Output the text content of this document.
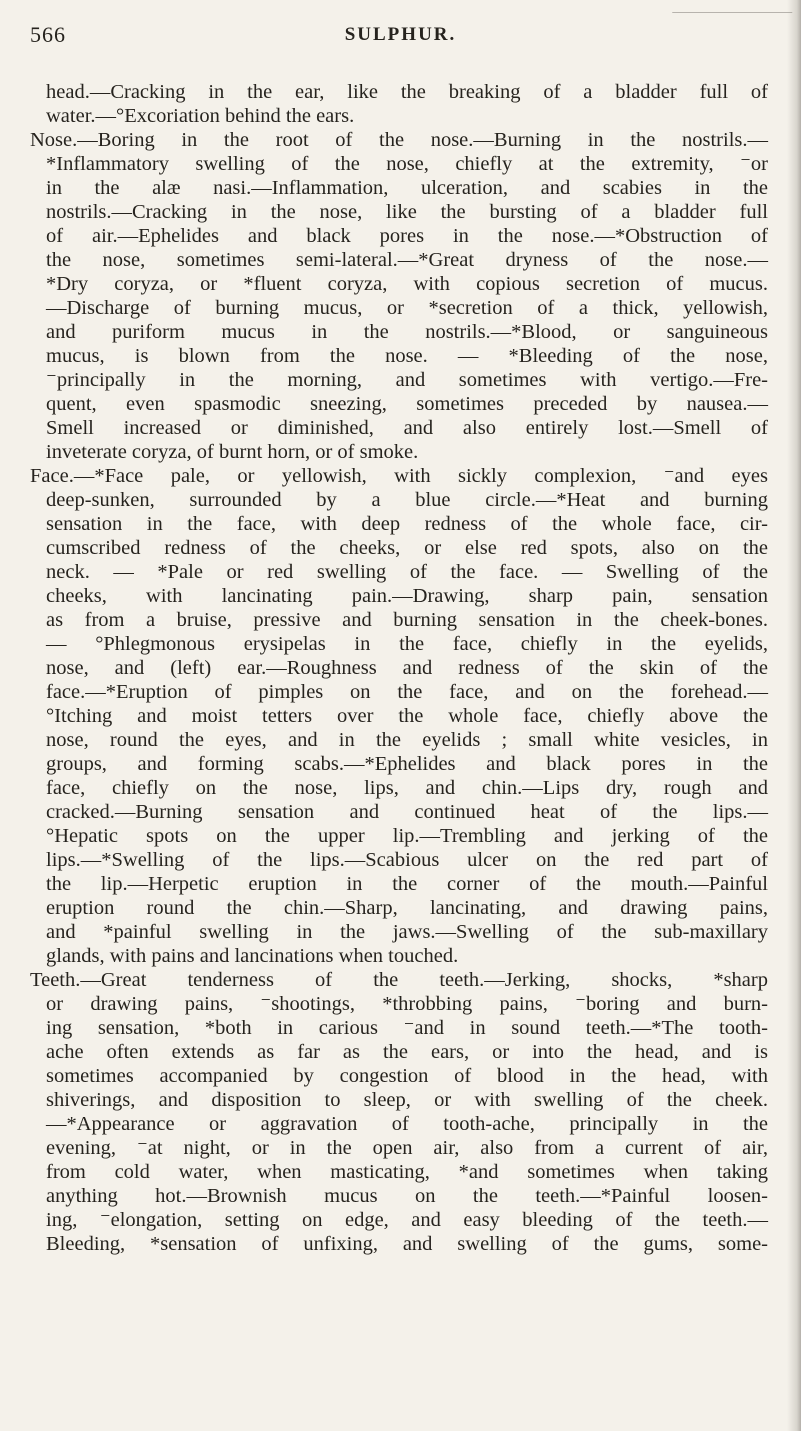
566	SULPHUR.
head.—Cracking in the ear, like the breaking of a bladder full of
water.—°Excoriation behind the ears.
Nose.—Boring in the root of the nose.—Burning in the nostrils.—
*Inflammatory swelling of the nose, chiefly at the extremity, ⁻or
in the alæ nasi.—Inflammation, ulceration, and scabies in the
nostrils.—Cracking in the nose, like the bursting of a bladder full
of air.—Ephelides and black pores in the nose.—*Obstruction of
the nose, sometimes semi-lateral.—*Great dryness of the nose.—
*Dry coryza, or *fluent coryza, with copious secretion of mucus.
—Discharge of burning mucus, or *secretion of a thick, yellowish,
and puriform mucus in the nostrils.—*Blood, or sanguineous
mucus, is blown from the nose. — *Bleeding of the nose,
⁻principally in the morning, and sometimes with vertigo.—Fre-
quent, even spasmodic sneezing, sometimes preceded by nausea.—
Smell increased or diminished, and also entirely lost.—Smell of
inveterate coryza, of burnt horn, or of smoke.
Face.—*Face pale, or yellowish, with sickly complexion, ⁻and eyes
deep-sunken, surrounded by a blue circle.—*Heat and burning
sensation in the face, with deep redness of the whole face, cir-
cumscribed redness of the cheeks, or else red spots, also on the
neck. — *Pale or red swelling of the face. — Swelling of the
cheeks, with lancinating pain.—Drawing, sharp pain, sensation
as from a bruise, pressive and burning sensation in the cheek-bones.
— °Phlegmonous erysipelas in the face, chiefly in the eyelids,
nose, and (left) ear.—Roughness and redness of the skin of the
face.—*Eruption of pimples on the face, and on the forehead.—
°Itching and moist tetters over the whole face, chiefly above the
nose, round the eyes, and in the eyelids ; small white vesicles, in
groups, and forming scabs.—*Ephelides and black pores in the
face, chiefly on the nose, lips, and chin.—Lips dry, rough and
cracked.—Burning sensation and continued heat of the lips.—
°Hepatic spots on the upper lip.—Trembling and jerking of the
lips.—*Swelling of the lips.—Scabious ulcer on the red part of
the lip.—Herpetic eruption in the corner of the mouth.—Painful
eruption round the chin.—Sharp, lancinating, and drawing pains,
and *painful swelling in the jaws.—Swelling of the sub-maxillary
glands, with pains and lancinations when touched.
Teeth.—Great tenderness of the teeth.—Jerking, shocks, *sharp
or drawing pains, ⁻shootings, *throbbing pains, ⁻boring and burn-
ing sensation, *both in carious ⁻and in sound teeth.—*The tooth-
ache often extends as far as the ears, or into the head, and is
sometimes accompanied by congestion of blood in the head, with
shiverings, and disposition to sleep, or with swelling of the cheek.
—*Appearance or aggravation of tooth-ache, principally in the
evening, ⁻at night, or in the open air, also from a current of air,
from cold water, when masticating, *and sometimes when taking
anything hot.—Brownish mucus on the teeth.—*Painful loosen-
ing, ⁻elongation, setting on edge, and easy bleeding of the teeth.—
Bleeding, *sensation of unfixing, and swelling of the gums, some-
